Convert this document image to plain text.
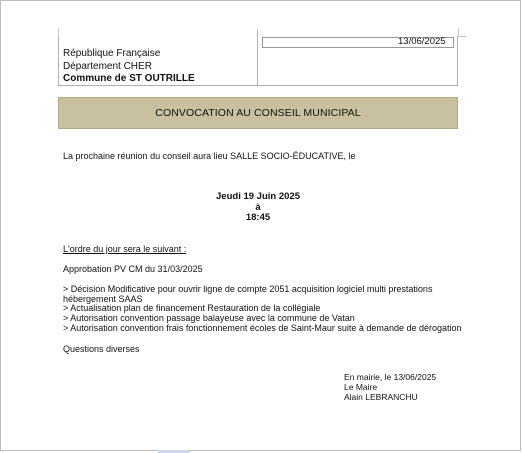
République Française
Département CHER
Commune de ST OUTRILLE
13/06/2025
CONVOCATION AU CONSEIL MUNICIPAL
La prochaine réunion du conseil aura lieu SALLE SOCIO-ÉDUCATIVE, le
Jeudi 19 Juin 2025
à
18:45
L'ordre du jour sera le suivant :
Approbation PV CM du 31/03/2025
> Décision Modificative pour ouvrir ligne de compte 2051 acquisition logiciel multi prestations
hébergement SAAS
> Actualisation plan de financement Restauration de la collégiale
> Autorisation convention passage balayeuse avec la commune de Vatan
> Autorisation convention frais fonctionnement écoles de Saint-Maur suite à demande de dérogation
Questions diverses
En mairie, le 13/06/2025
Le Maire
Alain LEBRANCHU
